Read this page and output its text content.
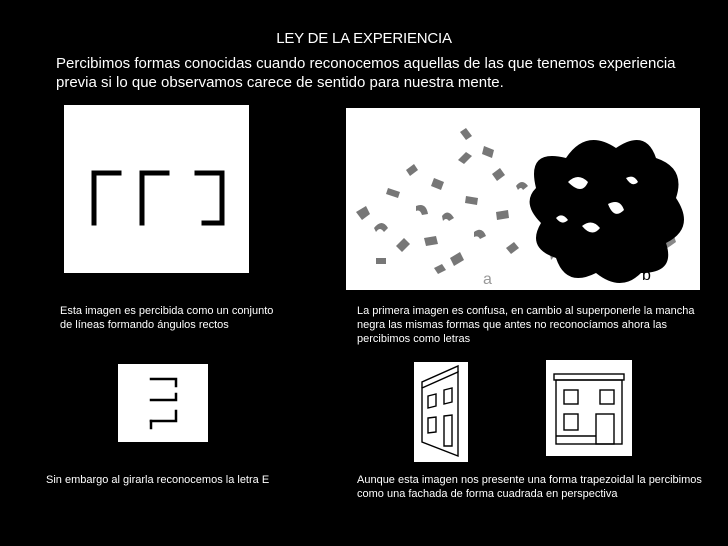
LEY DE LA EXPERIENCIA
Percibimos formas conocidas cuando reconocemos aquellas de las que tenemos experiencia previa si lo que observamos carece de sentido para nuestra mente.
a	b
Esta imagen es percibida como un conjunto de líneas formando ángulos rectos
La primera imagen es confusa, en cambio al superponerle la mancha negra las mismas formas que antes no reconocíamos ahora las percibimos como letras
Sin embargo al girarla reconocemos la letra E	Aunque esta imagen nos presente una forma trapezoidal la percibimos como una fachada de forma cuadrada en perspectiva
